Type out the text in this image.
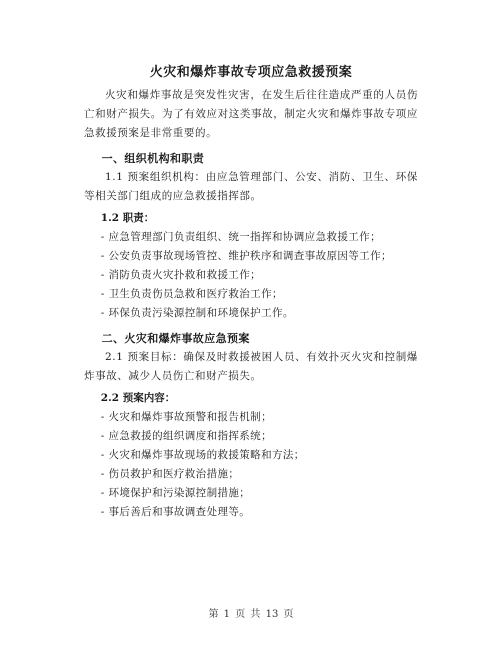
火灾和爆炸事故专项应急救援预案

火灾和爆炸事故是突发性灾害，在发生后往往造成严重的人员伤亡和财产损失。为了有效应对这类事故，制定火灾和爆炸事故专项应急救援预案是非常重要的。

一、组织机构和职责

1.1 预案组织机构：由应急管理部门、公安、消防、卫生、环保等相关部门组成的应急救援指挥部。

1.2 职责：

- 应急管理部门负责组织、统一指挥和协调应急救援工作；

- 公安负责事故现场管控、维护秩序和调查事故原因等工作；

- 消防负责火灾扑救和救援工作；

- 卫生负责伤员急救和医疗救治工作；

- 环保负责污染源控制和环境保护工作。

二、火灾和爆炸事故应急预案

2.1 预案目标：确保及时救援被困人员、有效扑灭火灾和控制爆炸事故、减少人员伤亡和财产损失。

2.2 预案内容：

- 火灾和爆炸事故预警和报告机制；

- 应急救援的组织调度和指挥系统；

- 火灾和爆炸事故现场的救援策略和方法；

- 伤员救护和医疗救治措施；

- 环境保护和污染源控制措施；

- 事后善后和事故调查处理等。

第 1 页 共 13 页
